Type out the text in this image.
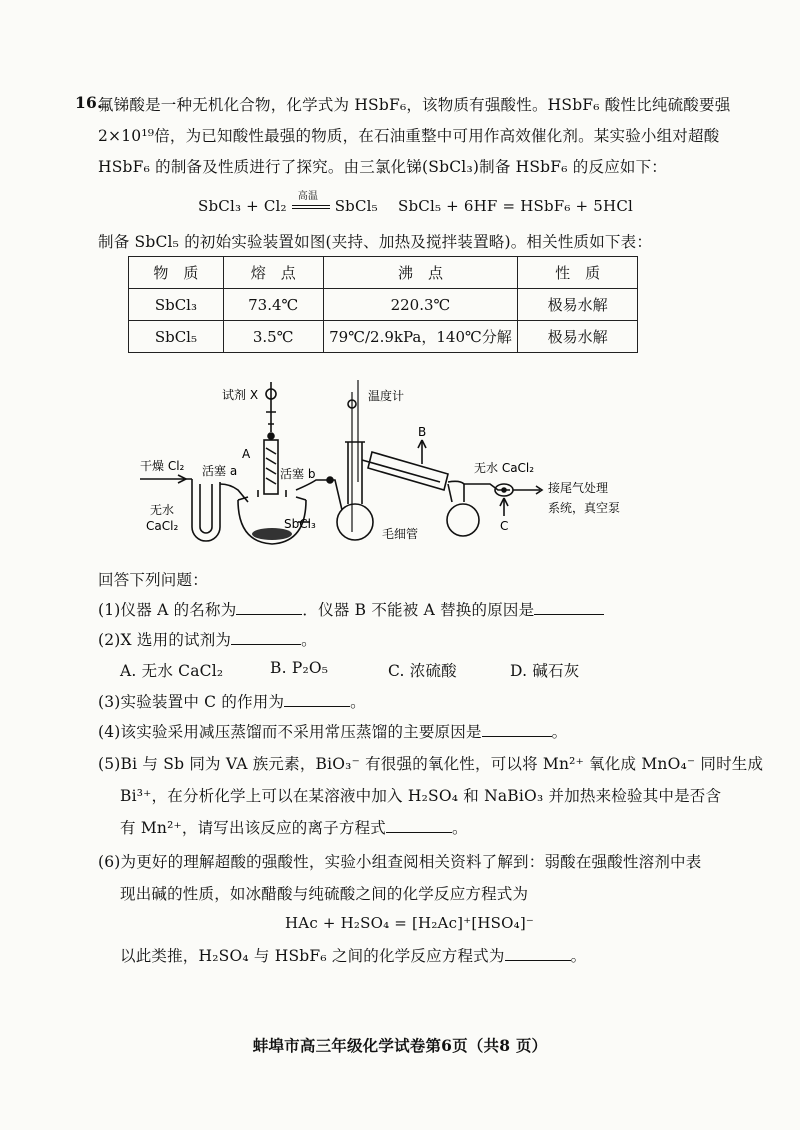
16.
氟锑酸是一种无机化合物，化学式为 HSbF₆，该物质有强酸性。HSbF₆ 酸性比纯硫酸要强
2×10¹⁹倍，为已知酸性最强的物质，在石油重整中可用作高效催化剂。某实验小组对超酸
HSbF₆ 的制备及性质进行了探究。由三氯化锑(SbCl₃)制备 HSbF₆ 的反应如下：
SbCl₃ + Cl₂
高温
SbCl₅ SbCl₅ + 6HF = HSbF₆ + 5HCl
制备 SbCl₅ 的初始实验装置如图(夹持、加热及搅拌装置略)。相关性质如下表：
物　质	熔　点	沸　点	性　质
SbCl₃	73.4℃	220.3℃	极易水解
SbCl₅	3.5℃	79℃/2.9kPa，140℃分解	极易水解
试剂 X
A
干燥 Cl₂ 活塞 a	活塞 b
无水
CaCl₂	SbCl₃
毛细管
温度计
B
无水 CaCl₂
接尾气处理
系统，真空泵
C
回答下列问题：
(1)仪器 A 的名称为	．仪器 B 不能被 A 替换的原因是
(2)X 选用的试剂为	。
A. 无水 CaCl₂	B. P₂O₅	C. 浓硫酸	D. 碱石灰
(3)实验装置中 C 的作用为	。
(4)该实验采用减压蒸馏而不采用常压蒸馏的主要原因是	。
(5)Bi 与 Sb 同为 VA 族元素，BiO₃⁻ 有很强的氧化性，可以将 Mn²⁺ 氧化成 MnO₄⁻ 同时生成
Bi³⁺，在分析化学上可以在某溶液中加入 H₂SO₄ 和 NaBiO₃ 并加热来检验其中是否含
有 Mn²⁺，请写出该反应的离子方程式	。
(6)为更好的理解超酸的强酸性，实验小组查阅相关资料了解到：弱酸在强酸性溶剂中表
现出碱的性质，如冰醋酸与纯硫酸之间的化学反应方程式为
HAc + H₂SO₄ = [H₂Ac]⁺[HSO₄]⁻
以此类推，H₂SO₄ 与 HSbF₆ 之间的化学反应方程式为	。
蚌埠市高三年级化学试卷第6页（共8 页）
